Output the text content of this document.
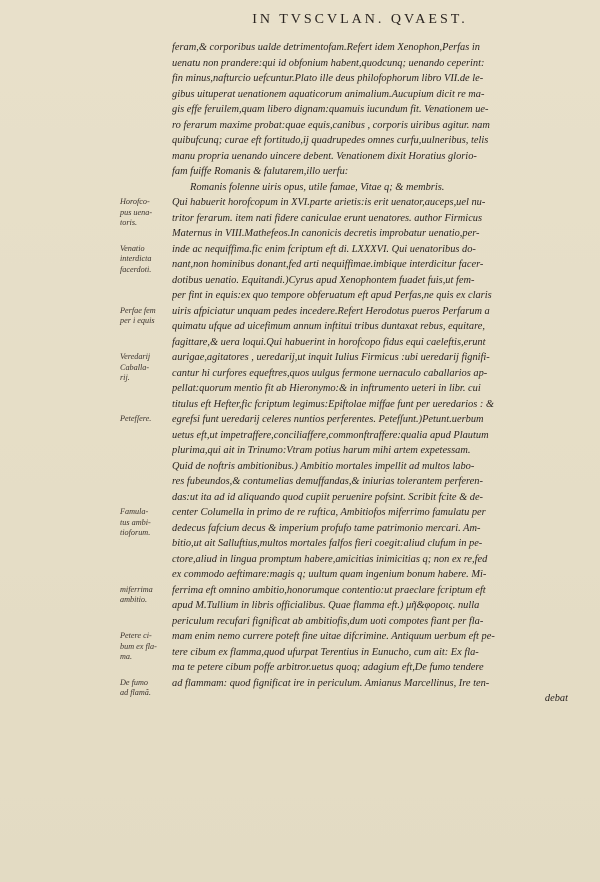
IN TVSCVLAN. QVAEST.
feram,& corporibus ualde detrimentofam.Refert idem Xenophon,Perfas in
uenatu non prandere:qui id obfonium habent,quodcunq; uenando ceperint:
fin minus,nafturcio uefcuntur.Plato ille deus philofophorum libro VII.de le-
gibus uituperat uenationem aquaticorum animalium.Aucupium dicit re ma-
gis effe feruilem,quam libero dignam:quamuis iucundum fit. Venationem ue-
ro ferarum maxime probat:quae equis,canibus , corporis uiribus agitur. nam
quibufcunq; curae eft fortitudo,ij quadrupedes omnes curfu,uulneribus, telis
manu propria uenando uincere debent. Venationem dixit Horatius glorio-
fam fuiffe Romanis & falutarem,illo uerfu:
Romanis folenne uiris opus, utile famae, Vitae q; & membris.
Qui habuerit horofcopum in XVI.parte arietis:is erit uenator,auceps,uel nu-
tritor ferarum. item nati fidere caniculae erunt uenatores. author Firmicus
Maternus in VIII.Mathefeos.In canonicis decretis improbatur uenatio,per-
inde ac nequiffima.fic enim fcriptum eft di. LXXXVI. Qui uenatoribus do-
nant,non hominibus donant,fed arti nequiffimae.imbique interdicitur facer-
dotibus uenatio. Equitandi.)Cyrus apud Xenophontem fuadet fuis,ut fem-
per fint in equis:ex quo tempore obferuatum eft apud Perfas,ne quis ex claris
uiris afpiciatur unquam pedes incedere.Refert Herodotus pueros Perfarum a
quimatu ufque ad uicefimum annum inftitui tribus duntaxat rebus, equitare,
fagittare,& uera loqui.Qui habuerint in horofcopo fidus equi caeleftis,erunt
aurigae,agitatores , ueredarij,ut inquit Iulius Firmicus :ubi ueredarij fignifi-
cantur hi curfores equeftres,quos uulgus fermone uernaculo caballarios ap-
pellat:quorum mentio fit ab Hieronymo:& in inftrumento ueteri in libr. cui
titulus eft Hefter,fic fcriptum legimus:Epiftolae miffae funt per ueredarios : &
egrefsi funt ueredarij celeres nuntios perferentes. Petefſunt.)Petunt.uerbum
uetus eft,ut impetraffere,conciliaffere,commonftraffere:qualia apud Plautum
plurima,qui ait in Trinumo:Vtram potius harum mihi artem expetessam.
Quid de noftris ambitionibus.) Ambitio mortales impellit ad multos labo-
res fubeundos,& contumelias demuffandas,& iniurias tolerantem perferen-
das:ut ita ad id aliquando quod cupiit peruenire pofsint. Scribit fcite & de-
center Columella in primo de re ruftica, Ambitiofos miferrimo famulatu per
dedecus fafcium decus & imperium profufo tame patrimonio mercari. Am-
bitio,ut ait Salluftius,multos mortales falfos fieri coegit:aliud clufum in pe-
ctore,aliud in lingua promptum habere,amicitias inimicitias q; non ex re,fed
ex commodo aeftimare:magis q; uultum quam ingenium bonum habere. Mi-
ferrima eft omnino ambitio,honorumque contentio:ut praeclare fcriptum eft
apud M.Tullium in libris officialibus. Quae flamma eft.) μῆ&φοροις. nulla
periculum recufari fignificat ab ambitiofis,dum uoti compotes fiant per fla-
mam enim nemo currere poteft fine uitae difcrimine. Antiquum uerbum eft pe-
tere cibum ex flamma,quod ufurpat Terentius in Eunucho, cum ait: Ex fla-
ma te petere cibum poffe arbitror.uetus quoq; adagium eft,De fumo tendere
ad flammam: quod fignificat ire in periculum. Amianus Marcellinus, Ire ten-
debat
Horofco-
pus uena-
toris.
Venatio
interdicta
facerdoti.
Perfae fem
per i equis
Veredarij
Caballa-
rij.
Petefſere.
Famula-
tus ambi-
tioforum.
miferrima
ambitio.
Petere ci-
bum ex fla-
ma.
De fumo
ad flamã.
